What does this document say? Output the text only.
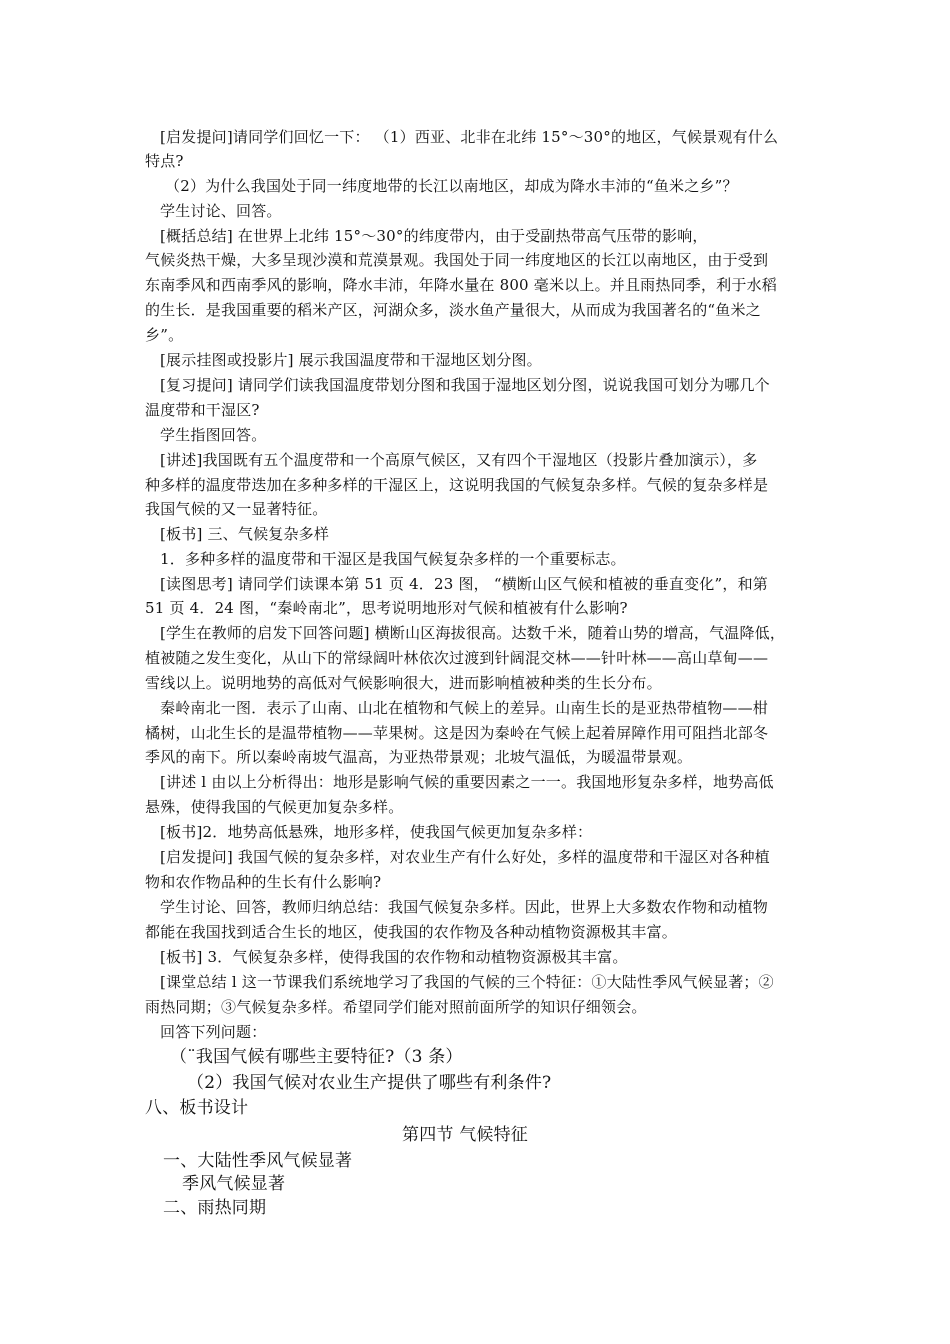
[启发提问]请同学们回忆一下： （1）西亚、北非在北纬 15°～30°的地区，气候景观有什么
特点?
（2）为什么我国处于同一纬度地带的长江以南地区，却成为降水丰沛的“鱼米之乡”？
学生讨论、回答。
[概括总结] 在世界上北纬 15°～30°的纬度带内，由于受副热带高气压带的影响，
气候炎热干燥，大多呈现沙漠和荒漠景观。我国处于同一纬度地区的长江以南地区，由于受到
东南季风和西南季风的影响，降水丰沛，年降水量在 800 毫米以上。并且雨热同季，利于水稻
的生长．是我国重要的稻米产区，河湖众多，淡水鱼产量很大，从而成为我国著名的“鱼米之
乡”。
[展示挂图或投影片] 展示我国温度带和干湿地区划分图。
[复习提问] 请同学们读我国温度带划分图和我国于湿地区划分图，说说我国可划分为哪几个
温度带和干湿区?
学生指图回答。
[讲述]我国既有五个温度带和一个高原气候区，又有四个干湿地区（投影片叠加演示），多
种多样的温度带迭加在多种多样的干湿区上，这说明我国的气候复杂多样。气候的复杂多样是
我国气候的又一显著特征。
[板书] 三、气候复杂多样
1．多种多样的温度带和干湿区是我国气候复杂多样的一个重要标志。
[读图思考] 请同学们读课本第 51 页 4．23 图， “横断山区气候和植被的垂直变化”，和第
51 页 4．24 图，“秦岭南北”，思考说明地形对气候和植被有什么影响?
[学生在教师的启发下回答问题] 横断山区海拔很高。达数千米，随着山势的增高，气温降低，
植被随之发生变化，从山下的常绿阔叶林依次过渡到针阔混交林——针叶林——高山草甸——
雪线以上。说明地势的高低对气候影响很大，进而影响植被种类的生长分布。
秦岭南北一图．表示了山南、山北在植物和气候上的差异。山南生长的是亚热带植物——柑
橘树，山北生长的是温带植物——苹果树。这是因为秦岭在气候上起着屏障作用可阻挡北部冬
季风的南下。所以秦岭南坡气温高，为亚热带景观；北坡气温低，为暖温带景观。
[讲述 l 由以上分析得出：地形是影响气候的重要因素之一一。我国地形复杂多样，地势高低
悬殊，使得我国的气候更加复杂多样。
[板书]2．地势高低悬殊，地形多样，使我国气候更加复杂多样：
[启发提问] 我国气候的复杂多样，对农业生产有什么好处，多样的温度带和干湿区对各种植
物和农作物品种的生长有什么影响?
学生讨论、回答，教师归纳总结：我国气候复杂多样。因此，世界上大多数农作物和动植物
都能在我国找到适合生长的地区，使我国的农作物及各种动植物资源极其丰富。
[板书] 3．气候复杂多样，使得我国的农作物和动植物资源极其丰富。
[课堂总结 l 这一节课我们系统地学习了我国的气候的三个特征：①大陆性季风气候显著；②
雨热同期；③气候复杂多样。希望同学们能对照前面所学的知识仔细领会。
回答下列问题：
（¨我国气候有哪些主要特征?（3 条）
（2）我国气候对农业生产提供了哪些有利条件?
八、板书设计
第四节 气候特征
一、大陆性季风气候显著
季风气候显著
二、雨热同期
